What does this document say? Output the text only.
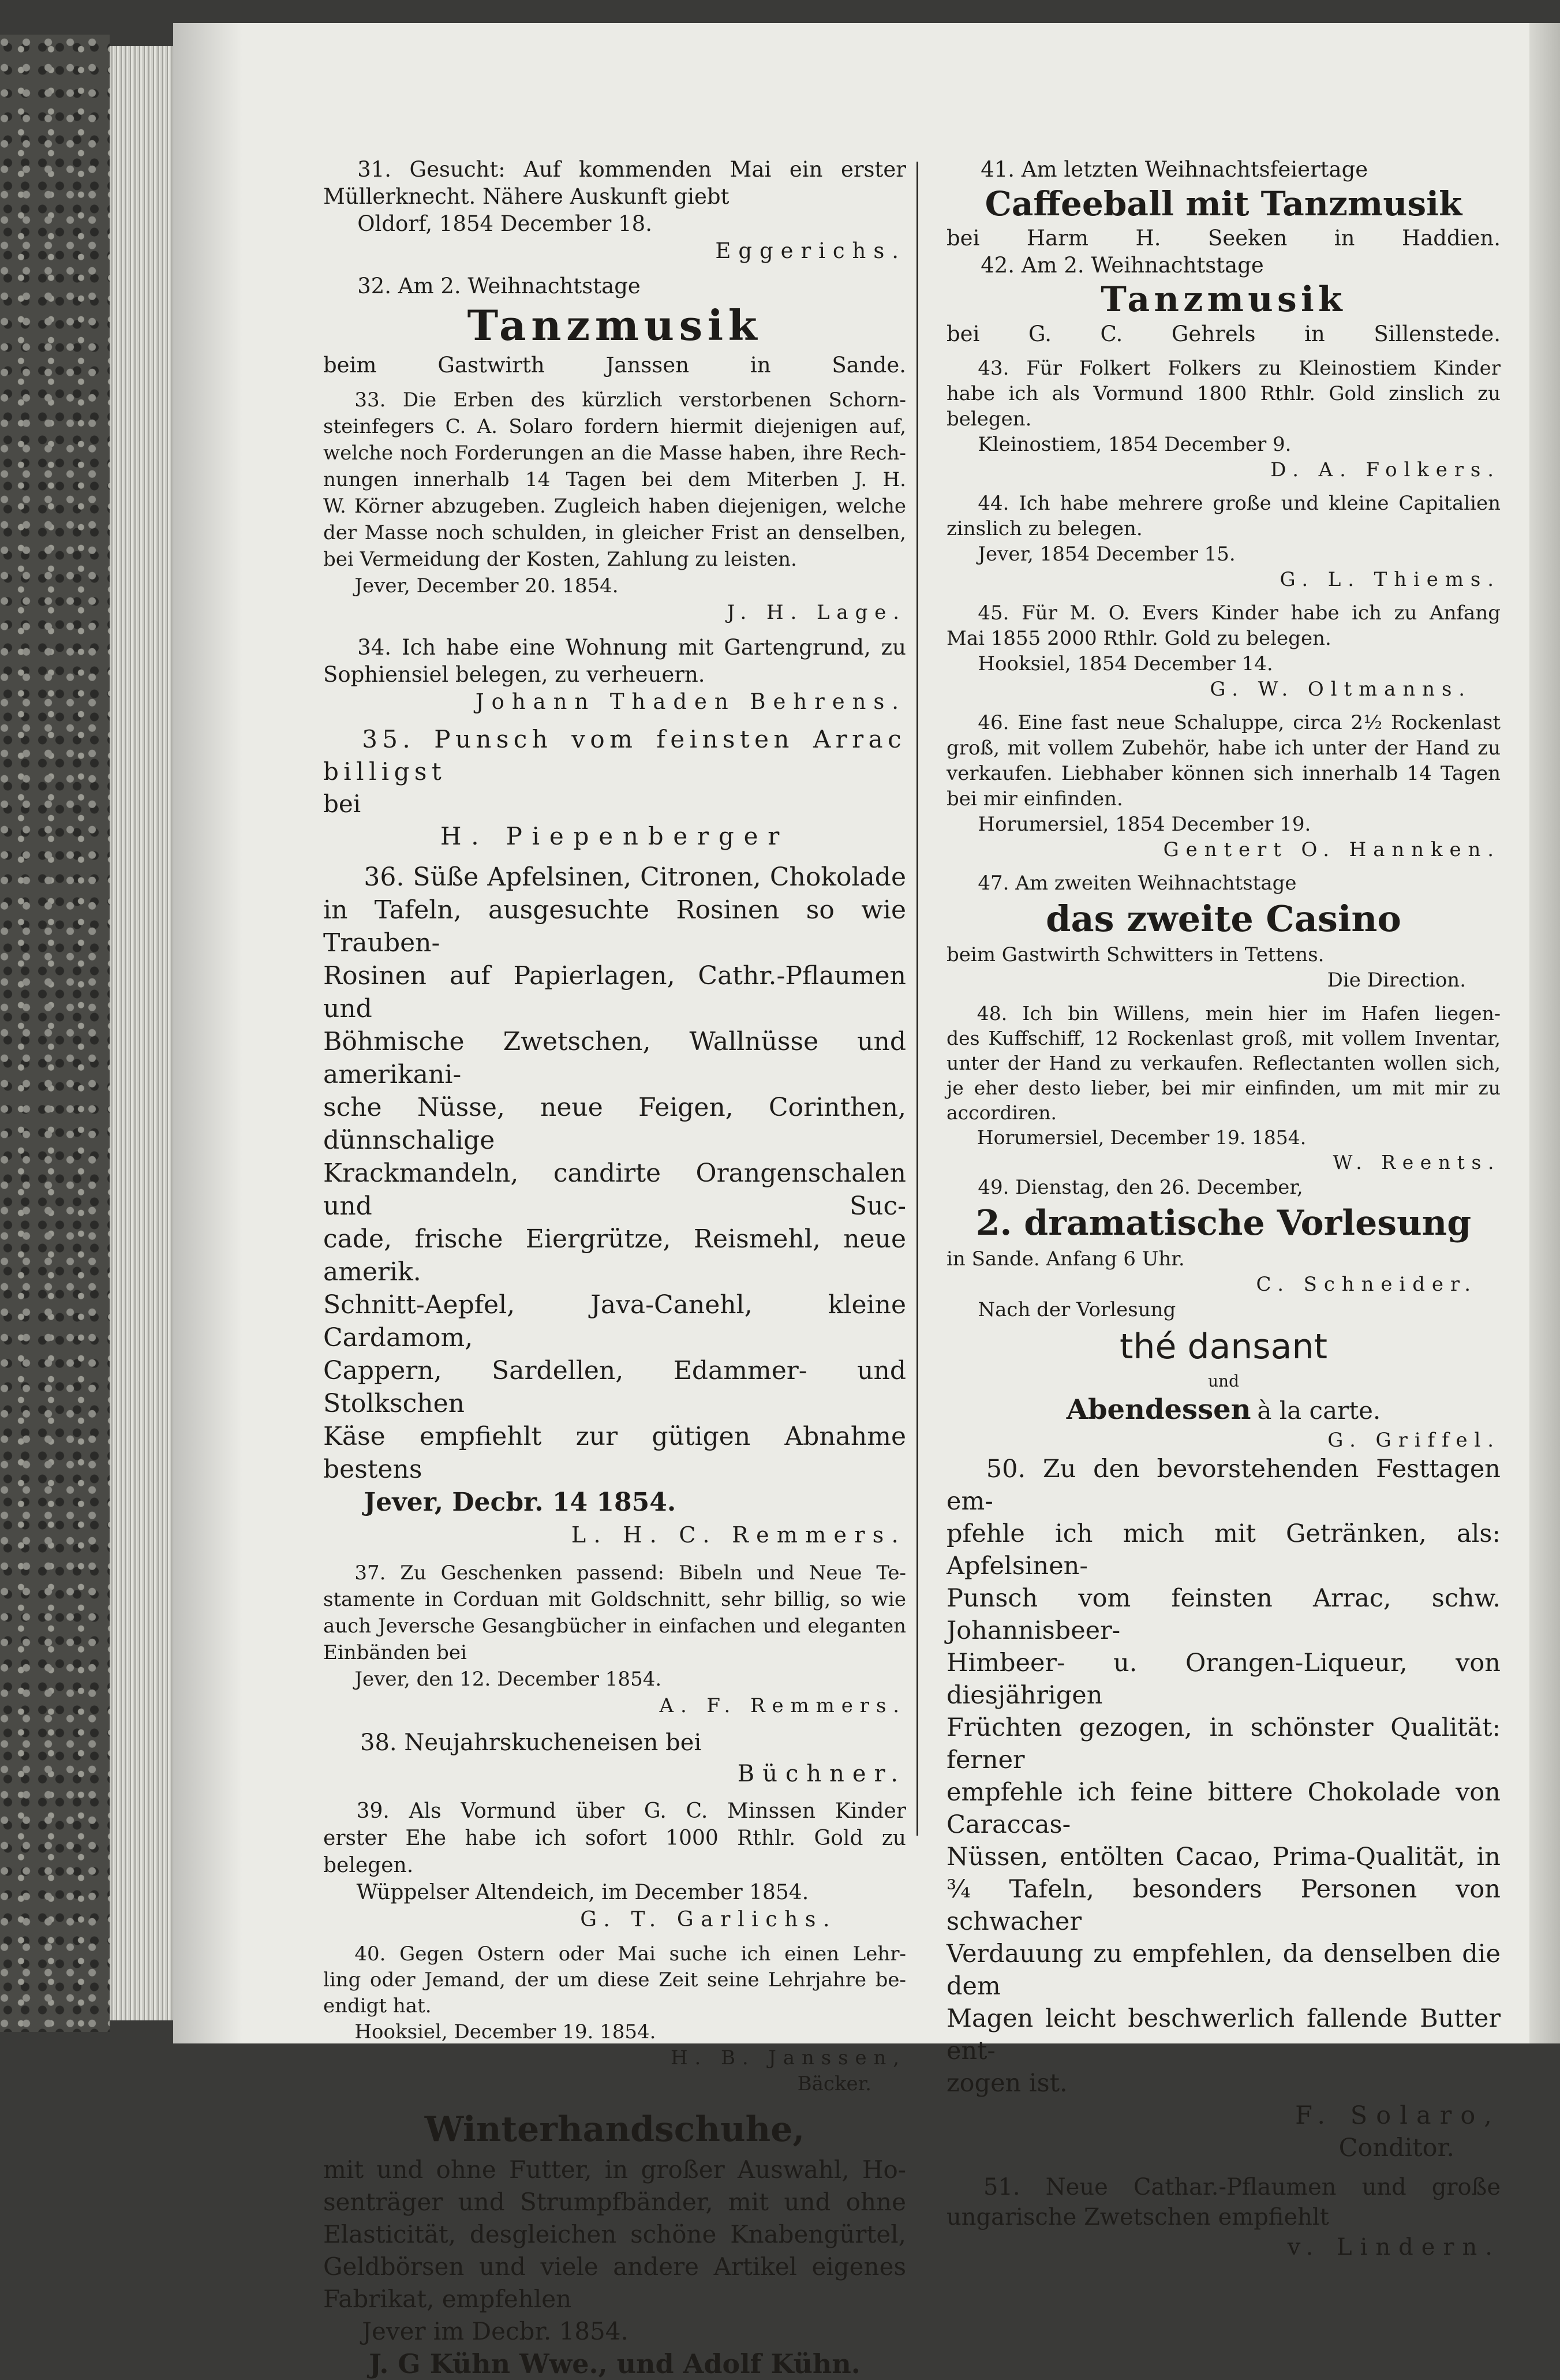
31. Gesucht: Auf kommenden Mai ein erster
Müllerknecht. Nähere Auskunft giebt
Oldorf, 1854 December 18.
Eggerichs.
32. Am 2. Weihnachtstage
Tanzmusik
beim Gastwirth Janssen in Sande.
33. Die Erben des kürzlich verstorbenen Schorn-
steinfegers C. A. Solaro fordern hiermit diejenigen auf,
welche noch Forderungen an die Masse haben, ihre Rech-
nungen innerhalb 14 Tagen bei dem Miterben J. H.
W. Körner abzugeben. Zugleich haben diejenigen, welche
der Masse noch schulden, in gleicher Frist an denselben,
bei Vermeidung der Kosten, Zahlung zu leisten.
Jever, December 20. 1854.
J. H. Lage.
34. Ich habe eine Wohnung mit Gartengrund, zu
Sophiensiel belegen, zu verheuern.
Johann Thaden Behrens.
35. Punsch vom feinsten Arrac billigst
bei
H. Piepenberger
36. Süße Apfelsinen, Citronen, Chokolade
in Tafeln, ausgesuchte Rosinen so wie Trauben-
Rosinen auf Papierlagen, Cathr.-Pflaumen und
Böhmische Zwetschen, Wallnüsse und amerikani-
sche Nüsse, neue Feigen, Corinthen, dünnschalige
Krackmandeln, candirte Orangenschalen und Suc-
cade, frische Eiergrütze, Reismehl, neue amerik.
Schnitt-Aepfel, Java-Canehl, kleine Cardamom,
Cappern, Sardellen, Edammer- und Stolkschen
Käse empfiehlt zur gütigen Abnahme bestens
Jever, Decbr. 14 1854.
L. H. C. Remmers.
37. Zu Geschenken passend: Bibeln und Neue Te-
stamente in Corduan mit Goldschnitt, sehr billig, so wie
auch Jeversche Gesangbücher in einfachen und eleganten
Einbänden bei
Jever, den 12. December 1854.
A. F. Remmers.
38. Neujahrskucheneisen bei
Büchner.
39. Als Vormund über G. C. Minssen Kinder
erster Ehe habe ich sofort 1000 Rthlr. Gold zu belegen.
Wüppelser Altendeich, im December 1854.
G. T. Garlichs.
40. Gegen Ostern oder Mai suche ich einen Lehr-
ling oder Jemand, der um diese Zeit seine Lehrjahre be-
endigt hat.
Hooksiel, December 19. 1854.
H. B. Janssen,
Bäcker.
Winterhandschuhe,
mit und ohne Futter, in großer Auswahl, Ho-
senträger und Strumpfbänder, mit und ohne
Elasticität, desgleichen schöne Knabengürtel,
Geldbörsen und viele andere Artikel eigenes
Fabrikat, empfehlen
Jever im Decbr. 1854.
J. G Kühn Wwe., und Adolf Kühn.
41. Am letzten Weihnachtsfeiertage
Caffeeball mit Tanzmusik
bei Harm H. Seeken in Haddien.
42. Am 2. Weihnachtstage
Tanzmusik
bei G. C. Gehrels in Sillenstede.
43. Für Folkert Folkers zu Kleinostiem Kinder
habe ich als Vormund 1800 Rthlr. Gold zinslich zu
belegen.
Kleinostiem, 1854 December 9.
D. A. Folkers.
44. Ich habe mehrere große und kleine Capitalien
zinslich zu belegen.
Jever, 1854 December 15.
G. L. Thiems.
45. Für M. O. Evers Kinder habe ich zu Anfang
Mai 1855 2000 Rthlr. Gold zu belegen.
Hooksiel, 1854 December 14.
G. W. Oltmanns.
46. Eine fast neue Schaluppe, circa 2½ Rockenlast
groß, mit vollem Zubehör, habe ich unter der Hand zu
verkaufen. Liebhaber können sich innerhalb 14 Tagen
bei mir einfinden.
Horumersiel, 1854 December 19.
Gentert O. Hannken.
47. Am zweiten Weihnachtstage
das zweite Casino
beim Gastwirth Schwitters in Tettens.
Die Direction.
48. Ich bin Willens, mein hier im Hafen liegen-
des Kuffschiff, 12 Rockenlast groß, mit vollem Inventar,
unter der Hand zu verkaufen. Reflectanten wollen sich,
je eher desto lieber, bei mir einfinden, um mit mir zu
accordiren.
Horumersiel, December 19. 1854.
W. Reents.
49. Dienstag, den 26. December,
2. dramatische Vorlesung
in Sande. Anfang 6 Uhr.
C. Schneider.
Nach der Vorlesung
thé dansant
und
Abendessen à la carte.
G. Griffel.
50. Zu den bevorstehenden Festtagen em-
pfehle ich mich mit Getränken, als: Apfelsinen-
Punsch vom feinsten Arrac, schw. Johannisbeer-
Himbeer- u. Orangen-Liqueur, von diesjährigen
Früchten gezogen, in schönster Qualität: ferner
empfehle ich feine bittere Chokolade von Caraccas-
Nüssen, entölten Cacao, Prima-Qualität, in
¾ Tafeln, besonders Personen von schwacher
Verdauung zu empfehlen, da denselben die dem
Magen leicht beschwerlich fallende Butter ent-
zogen ist.
F. Solaro,
Conditor.
51. Neue Cathar.-Pflaumen und große
ungarische Zwetschen empfiehlt
v. Lindern.
